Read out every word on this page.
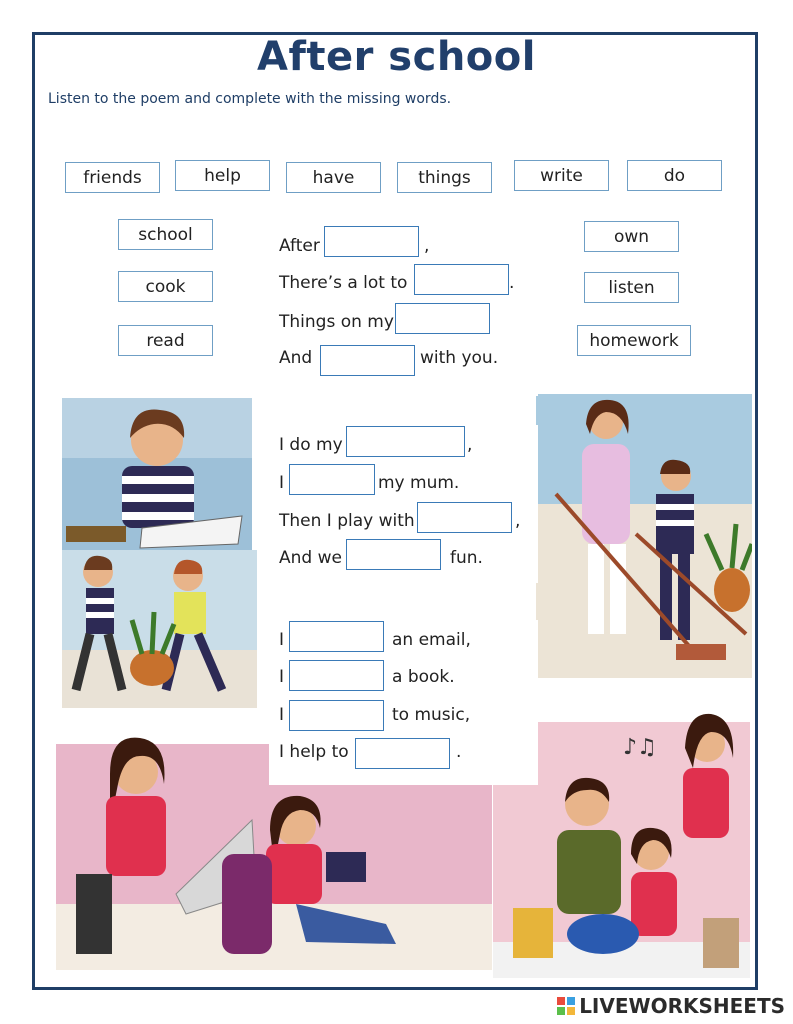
After school
Listen to the poem and complete with the missing words.
friends	help	have	things	write	do
school
cook
read
own
listen
homework
♪♫
After	,
There’s a lot to	.
Things on my
And	with you.
I do my	,
I	my mum.
Then I play with	,
And we	fun.
I	an email,
I	a book.
I	to music,
I help to	.
LIVEWORKSHEETS
